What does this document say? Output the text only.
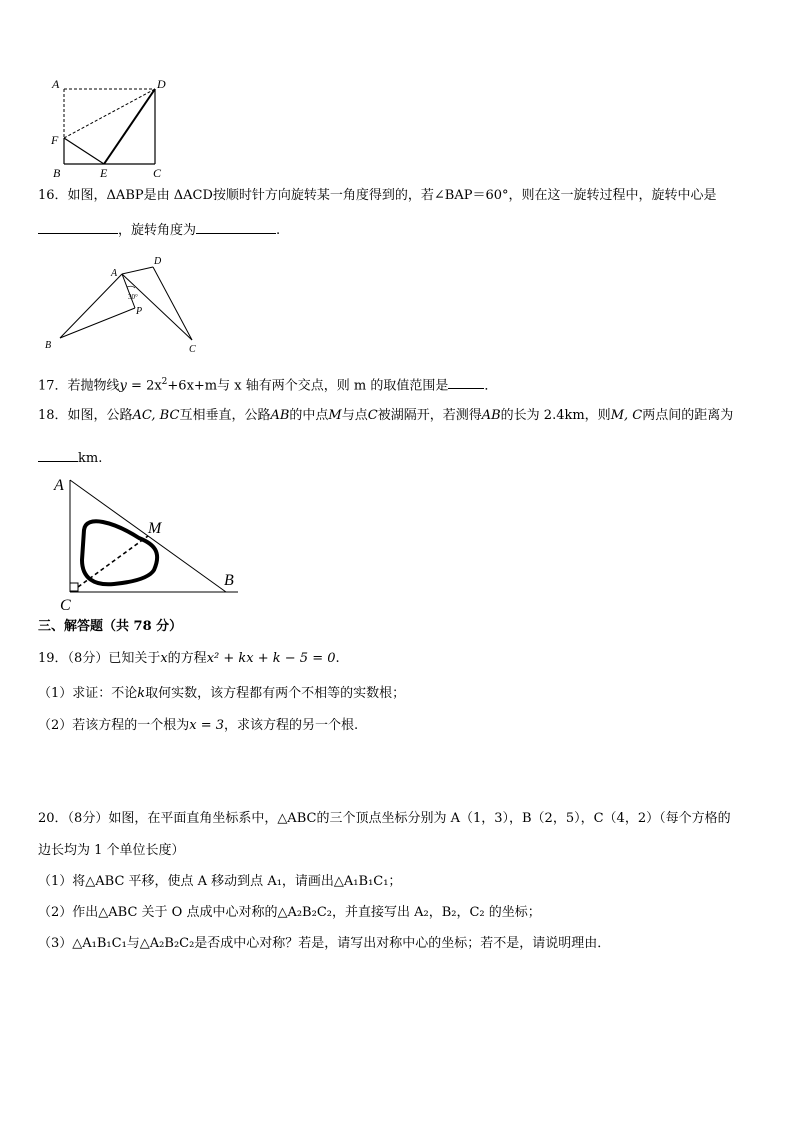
A	D
F
B	E	C
16．如图，ΔABP是由 ΔACD按顺时针方向旋转某一角度得到的，若∠BAP＝60°，则在这一旋转过程中，旋转中心是
，旋转角度为	.
A
D
30°
P
B	C
17．若抛物线$y = 2x^2+6x+m$与 x 轴有两个交点，则 m 的取值范围是	．
18．如图，公路AC, BC互相垂直，公路AB的中点M与点C被湖隔开，若测得AB的长为 2.4km，则M, C两点间的距离为
km.
A
M
B
C
三、解答题（共 78 分）
19．（8分）已知关于x的方程x² + kx + k − 5 = 0.
（1）求证：不论k取何实数，该方程都有两个不相等的实数根；
（2）若该方程的一个根为x = 3，求该方程的另一个根.
20．（8分）如图，在平面直角坐标系中，△ABC的三个顶点坐标分别为 A（1，3），B（2，5），C（4，2）（每个方格的
边长均为 1 个单位长度）
（1）将△ABC 平移，使点 A 移动到点 A₁，请画出△A₁B₁C₁；
（2）作出△ABC 关于 O 点成中心对称的△A₂B₂C₂，并直接写出 A₂，B₂，C₂ 的坐标；
（3）△A₁B₁C₁与△A₂B₂C₂是否成中心对称？若是，请写出对称中心的坐标；若不是，请说明理由．
